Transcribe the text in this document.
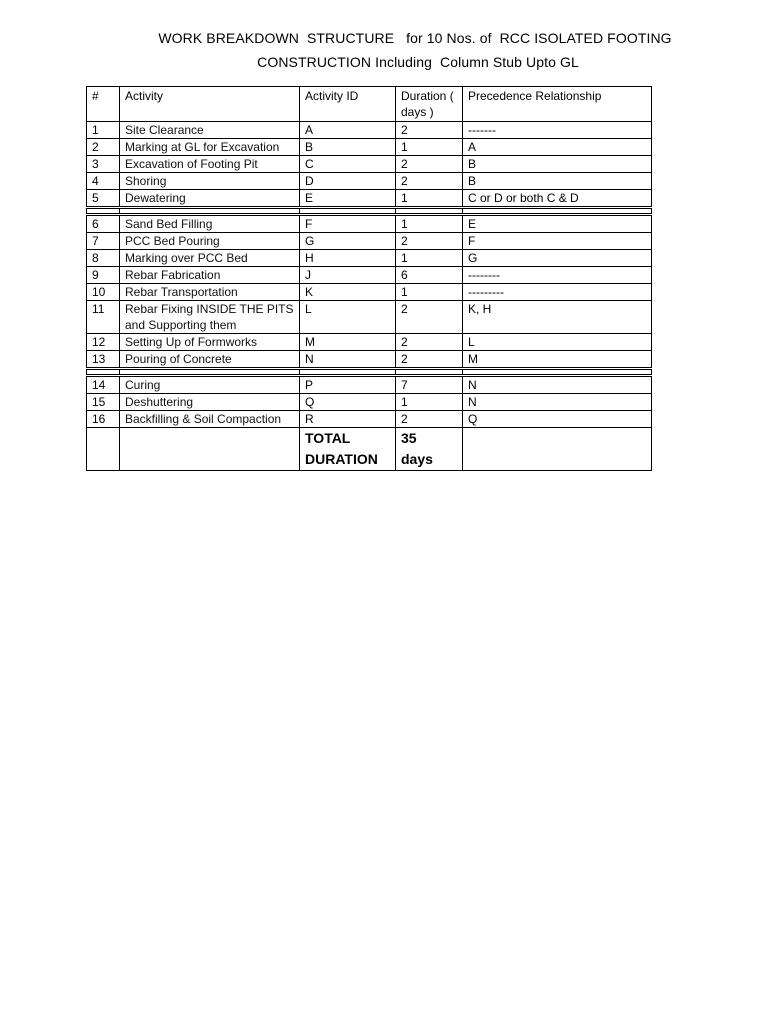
WORK BREAKDOWN  STRUCTURE   for 10 Nos. of  RCC ISOLATED FOOTING
CONSTRUCTION Including  Column Stub Upto GL
#	Activity	Activity ID	Duration ( days )	Precedence Relationship
1	Site Clearance	A	2	-------
2	Marking at GL for Excavation	B	1	A
3	Excavation of Footing Pit	C	2	B
4	Shoring	D	2	B
5	Dewatering	E	1	C or D or both C & D

6	Sand Bed Filling	F	1	E
7	PCC Bed Pouring	G	2	F
8	Marking over PCC Bed	H	1	G
9	Rebar Fabrication	J	6	--------
10	Rebar Transportation	K	1	---------
11	Rebar Fixing INSIDE THE PITS and Supporting them	L	2	K, H
12	Setting Up of Formworks	M	2	L
13	Pouring of Concrete	N	2	M

14	Curing	P	7	N
15	Deshuttering	Q	1	N
16	Backfilling & Soil Compaction	R	2	Q

		TOTAL DURATION	35 days	
